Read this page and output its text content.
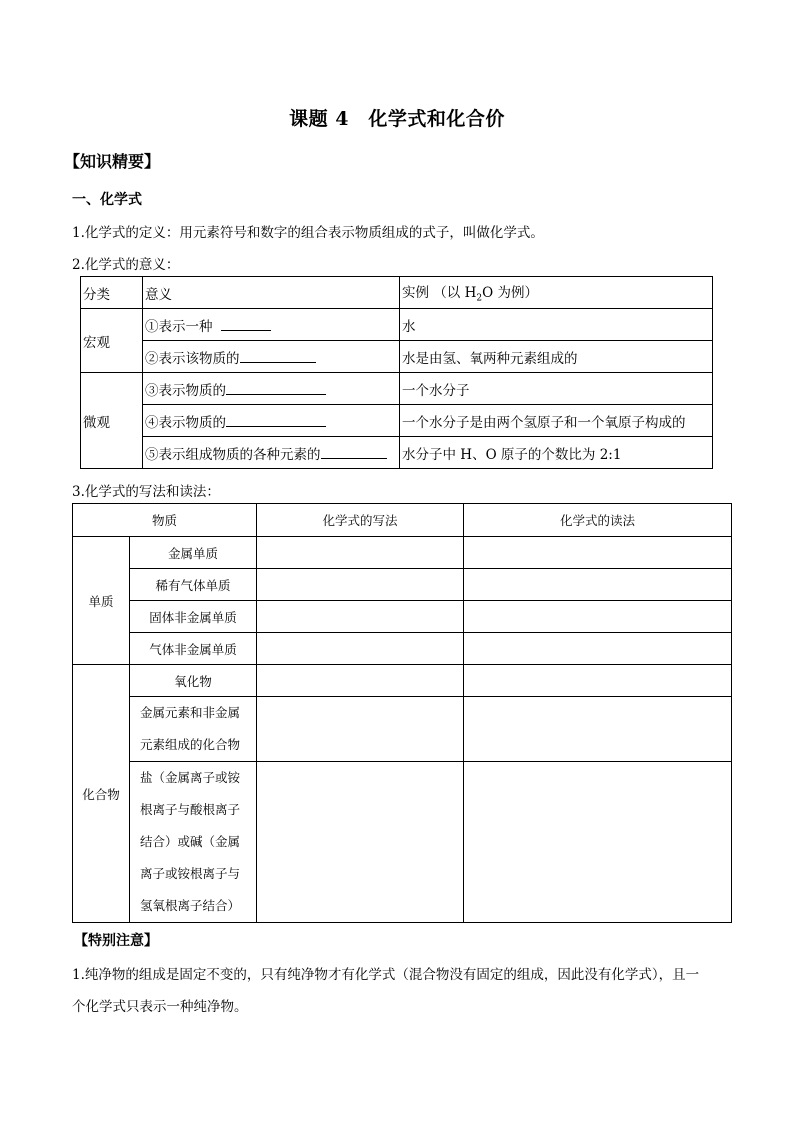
课题 4　化学式和化合价
【知识精要】
一、化学式
1.化学式的定义：用元素符号和数字的组合表示物质组成的式子，叫做化学式。
2.化学式的意义：
分类	意义	实例 （以 $H_2O$ 为例）
宏观	①表示一种	水
	②表示该物质的	水是由氢、氧两种元素组成的
微观	③表示物质的	一个水分子
	④表示物质的	一个水分子是由两个氢原子和一个氧原子构成的
	⑤表示组成物质的各种元素的	水分子中 H、O 原子的个数比为 2:1
3.化学式的写法和读法：
物质		化学式的写法	化学式的读法
单质	金属单质		
	稀有气体单质		
	固体非金属单质		
	气体非金属单质		
化合物	氧化物		
	金属元素和非金属
元素组成的化合物		
	盐（金属离子或铵
根离子与酸根离子
结合）或碱（金属
离子或铵根离子与
氢氧根离子结合）		
【特别注意】
1.纯净物的组成是固定不变的，只有纯净物才有化学式（混合物没有固定的组成，因此没有化学式），且一
个化学式只表示一种纯净物。
